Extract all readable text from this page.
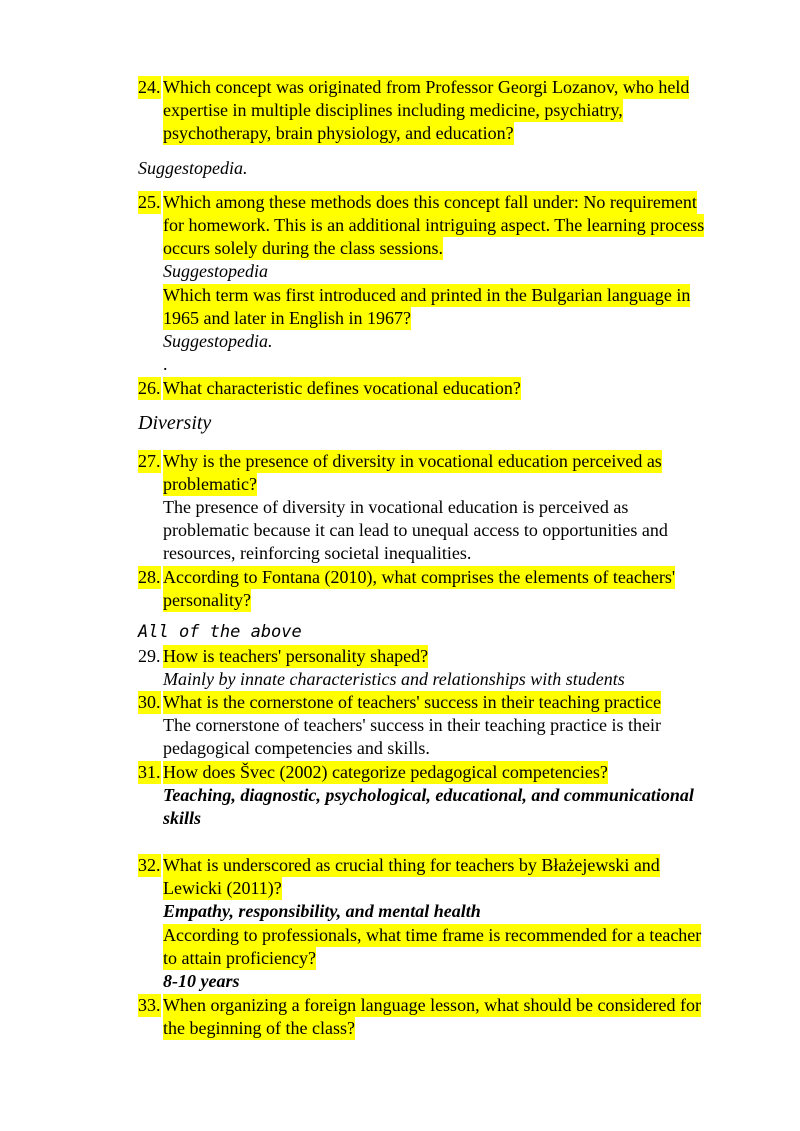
24. Which concept was originated from Professor Georgi Lozanov, who held
expertise in multiple disciplines including medicine, psychiatry,
psychotherapy, brain physiology, and education?
Suggestopedia.
25. Which among these methods does this concept fall under: No requirement
for homework. This is an additional intriguing aspect. The learning process
occurs solely during the class sessions.
Suggestopedia
Which term was first introduced and printed in the Bulgarian language in
1965 and later in English in 1967?
Suggestopedia.
.
26. What characteristic defines vocational education?
Diversity
27. Why is the presence of diversity in vocational education perceived as
problematic?
The presence of diversity in vocational education is perceived as
problematic because it can lead to unequal access to opportunities and
resources, reinforcing societal inequalities.
28. According to Fontana (2010), what comprises the elements of teachers'
personality?
All of the above
29. How is teachers' personality shaped?
Mainly by innate characteristics and relationships with students
30. What is the cornerstone of teachers' success in their teaching practice
The cornerstone of teachers' success in their teaching practice is their
pedagogical competencies and skills.
31. How does Švec (2002) categorize pedagogical competencies?
Teaching, diagnostic, psychological, educational, and communicational
skills
32. What is underscored as crucial thing for teachers by Błażejewski and
Lewicki (2011)?
Empathy, responsibility, and mental health
According to professionals, what time frame is recommended for a teacher
to attain proficiency?
8-10 years
33. When organizing a foreign language lesson, what should be considered for
the beginning of the class?
